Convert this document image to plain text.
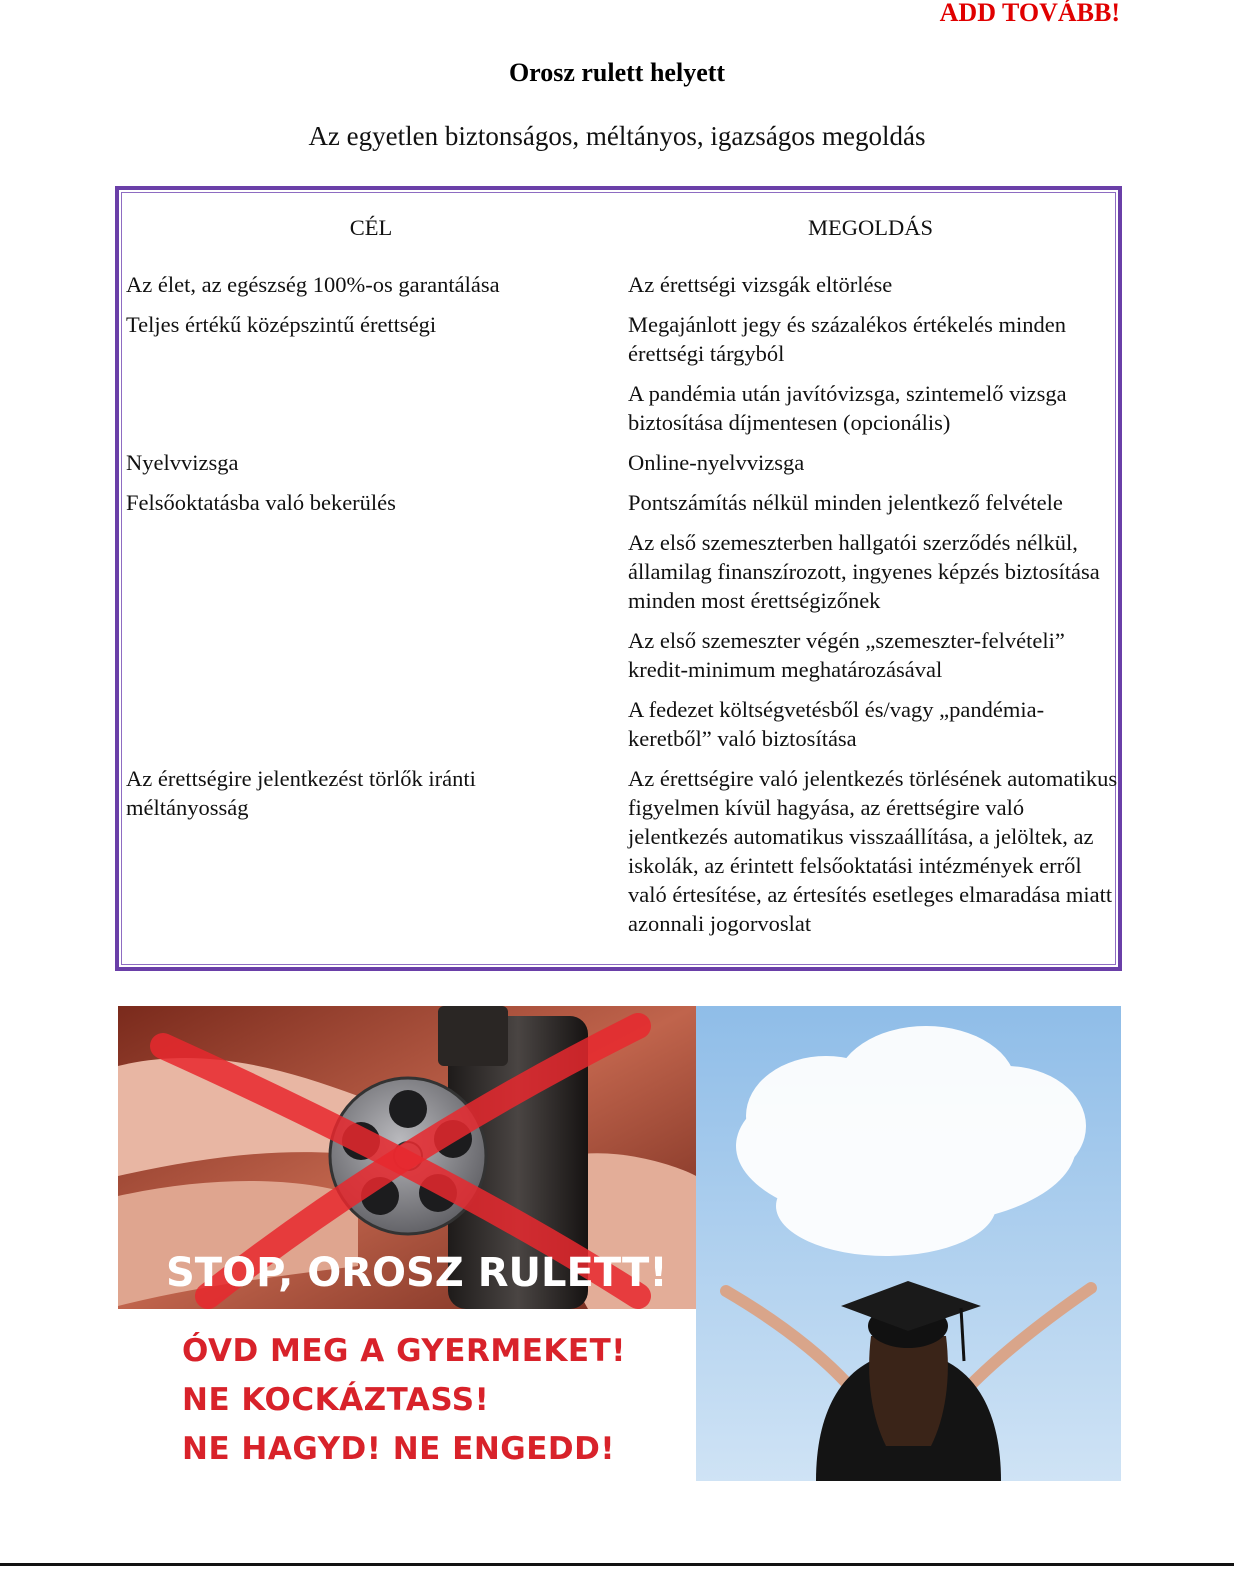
ADD TOVÁBB!
Orosz rulett helyett
Az egyetlen biztonságos, méltányos, igazságos megoldás
CÉL	MEGOLDÁS
Az élet, az egészség 100%-os garantálása
Teljes értékű középszintű érettségi
Nyelvvizsga
Felsőoktatásba való bekerülés
Az érettségire jelentkezést törlők iránti méltányosság
Az érettségi vizsgák eltörlése
Megajánlott jegy és százalékos értékelés minden érettségi tárgyból
A pandémia után javítóvizsga, szintemelő vizsga biztosítása díjmentesen (opcionális)
Online-nyelvvizsga
Pontszámítás nélkül minden jelentkező felvétele
Az első szemeszterben hallgatói szerződés nélkül, államilag finanszírozott, ingyenes képzés biztosítása minden most érettségizőnek
Az első szemeszter végén „szemeszter-felvételi” kredit-minimum meghatározásával
A fedezet költségvetésből és/vagy „pandémia-keretből” való biztosítása
Az érettségire való jelentkezés törlésének automatikus figyelmen kívül hagyása, az érettségire való jelentkezés automatikus visszaállítása, a jelöltek, az iskolák, az érintett felsőoktatási intézmények erről való értesítése, az értesítés esetleges elmaradása miatt azonnali jogorvoslat
STOP, OROSZ RULETT!
ÓVD MEG A GYERMEKET!
NE KOCKÁZTASS!
NE HAGYD! NE ENGEDD!
